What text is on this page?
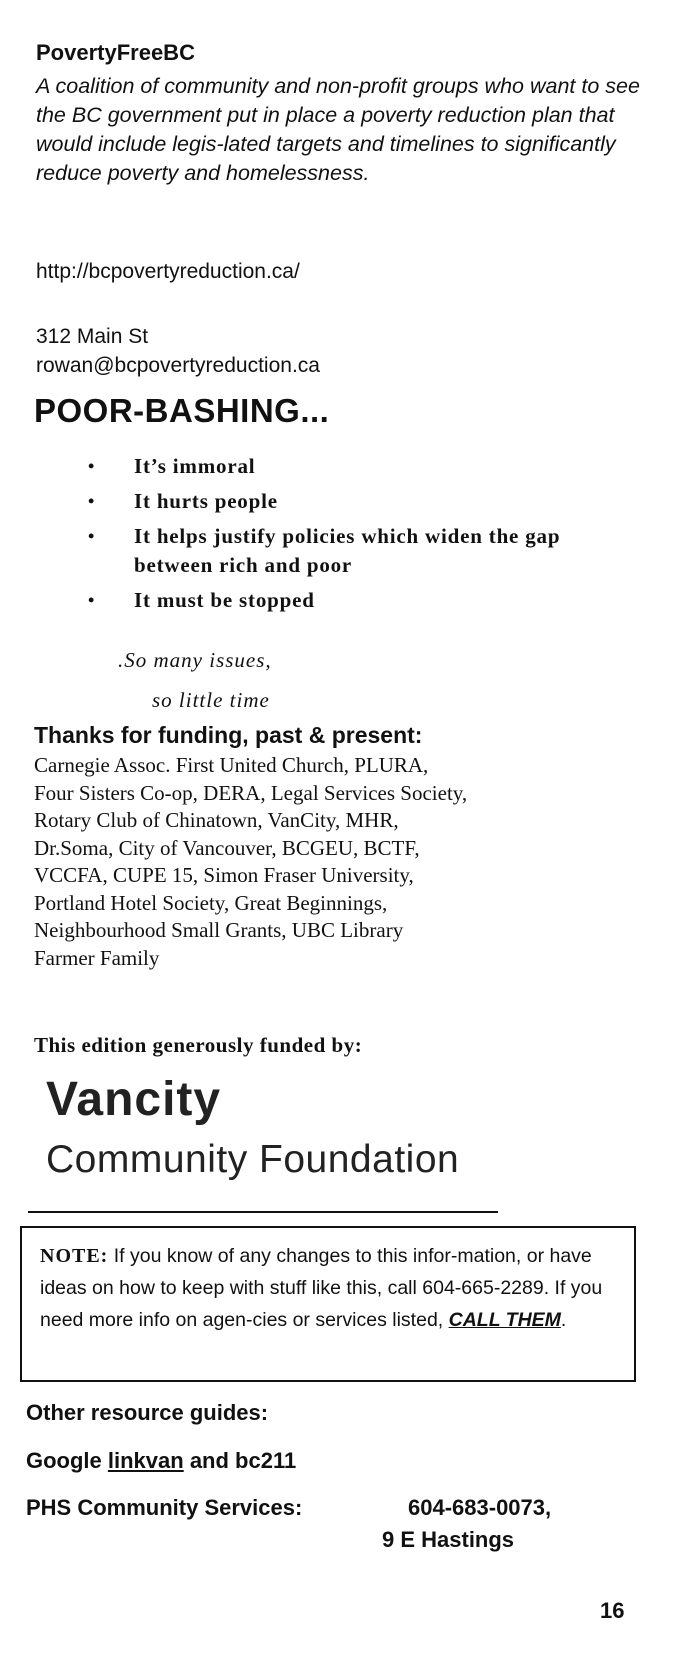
PovertyFreeBC
A coalition of community and non-profit groups who want to see the BC government put in place a poverty reduction plan that would include legis-lated targets and timelines to significantly reduce poverty and homelessness.
http://bcpovertyreduction.ca/
312 Main St
rowan@bcpovertyreduction.ca
POOR-BASHING...
• It’s immoral
• It hurts people
• It helps justify policies which widen the gap between rich and poor
• It must be stopped
.So many issues,
so little time
Thanks for funding, past & present:
Carnegie Assoc. First United Church, PLURA,
Four Sisters Co-op, DERA, Legal Services Society,
Rotary Club of Chinatown, VanCity, MHR,
Dr.Soma, City of Vancouver, BCGEU, BCTF,
VCCFA, CUPE 15, Simon Fraser University,
Portland Hotel Society, Great Beginnings,
Neighbourhood Small Grants, UBC Library
Farmer Family
This edition generously funded by:
Vancity
Community Foundation
NOTE: If you know of any changes to this infor-mation, or have ideas on how to keep with stuff like this, call 604-665-2289. If you need more info on agen-cies or services listed, CALL THEM.
Other resource guides:
Google linkvan and bc211
PHS Community Services:	604-683-0073,
9 E Hastings
16
